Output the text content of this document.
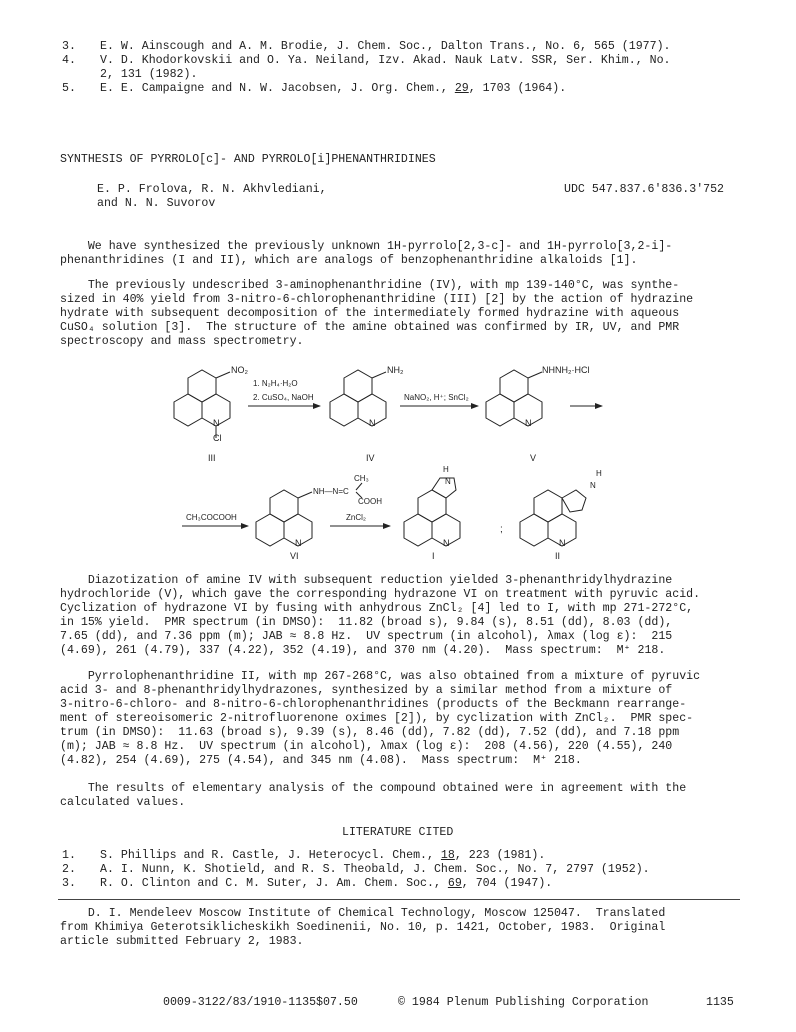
3. E. W. Ainscough and A. M. Brodie, J. Chem. Soc., Dalton Trans., No. 6, 565 (1977).
4. V. D. Khodorkovskii and O. Ya. Neiland, Izv. Akad. Nauk Latv. SSR, Ser. Khim., No.
2, 131 (1982).
5. E. E. Campaigne and N. W. Jacobsen, J. Org. Chem., 29, 1703 (1964).
SYNTHESIS OF PYRROLO[c]- AND PYRROLO[i]PHENANTHRIDINES
E. P. Frolova, R. N. Akhvlediani,
and N. N. Suvorov
UDC 547.837.6'836.3'752
We have synthesized the previously unknown 1H-pyrrolo[2,3-c]- and 1H-pyrrolo[3,2-i]-
phenanthridines (I and II), which are analogs of benzophenanthridine alkaloids [1].
The previously undescribed 3-aminophenanthridine (IV), with mp 139-140°C, was synthe-
sized in 40% yield from 3-nitro-6-chlorophenanthridine (III) [2] by the action of hydrazine
hydrate with subsequent decomposition of the intermediately formed hydrazine with aqueous
CuSO₄ solution [3].  The structure of the amine obtained was confirmed by IR, UV, and PMR
spectroscopy and mass spectrometry.
NO₂
N
Cl
III
1. N₂H₄·H₂O
2. CuSO₄, NaOH
NH₂
N
IV
NaNO₂, H⁺; SnCl₂
NHNH₂·HCl
N
V
CH₃COCOOH
NH—N=C
CH₃
COOH
N
VI
ZnCl₂
H
N
N
I
;
H
N
N
II
Diazotization of amine IV with subsequent reduction yielded 3-phenanthridylhydrazine
hydrochloride (V), which gave the corresponding hydrazone VI on treatment with pyruvic acid.
Cyclization of hydrazone VI by fusing with anhydrous ZnCl₂ [4] led to I, with mp 271-272°C,
in 15% yield.  PMR spectrum (in DMSO):  11.82 (broad s), 9.84 (s), 8.51 (dd), 8.03 (dd),
7.65 (dd), and 7.36 ppm (m); JAB ≈ 8.8 Hz.  UV spectrum (in alcohol), λmax (log ε):  215
(4.69), 261 (4.79), 337 (4.22), 352 (4.19), and 370 nm (4.20).  Mass spectrum:  M⁺ 218.
Pyrrolophenanthridine II, with mp 267-268°C, was also obtained from a mixture of pyruvic
acid 3- and 8-phenanthridylhydrazones, synthesized by a similar method from a mixture of
3-nitro-6-chloro- and 8-nitro-6-chlorophenanthridines (products of the Beckmann rearrange-
ment of stereoisomeric 2-nitrofluorenone oximes [2]), by cyclization with ZnCl₂.  PMR spec-
trum (in DMSO):  11.63 (broad s), 9.39 (s), 8.46 (dd), 7.82 (dd), 7.52 (dd), and 7.18 ppm
(m); JAB ≈ 8.8 Hz.  UV spectrum (in alcohol), λmax (log ε):  208 (4.56), 220 (4.55), 240
(4.82), 254 (4.69), 275 (4.54), and 345 nm (4.08).  Mass spectrum:  M⁺ 218.
The results of elementary analysis of the compound obtained were in agreement with the
calculated values.
LITERATURE CITED
1. S. Phillips and R. Castle, J. Heterocycl. Chem., 18, 223 (1981).
2. A. I. Nunn, K. Shotield, and R. S. Theobald, J. Chem. Soc., No. 7, 2797 (1952).
3. R. O. Clinton and C. M. Suter, J. Am. Chem. Soc., 69, 704 (1947).
D. I. Mendeleev Moscow Institute of Chemical Technology, Moscow 125047.  Translated
from Khimiya Geterotsiklicheskikh Soedinenii, No. 10, p. 1421, October, 1983.  Original
article submitted February 2, 1983.
0009-3122/83/1910-1135$07.50	© 1984 Plenum Publishing Corporation	1135
